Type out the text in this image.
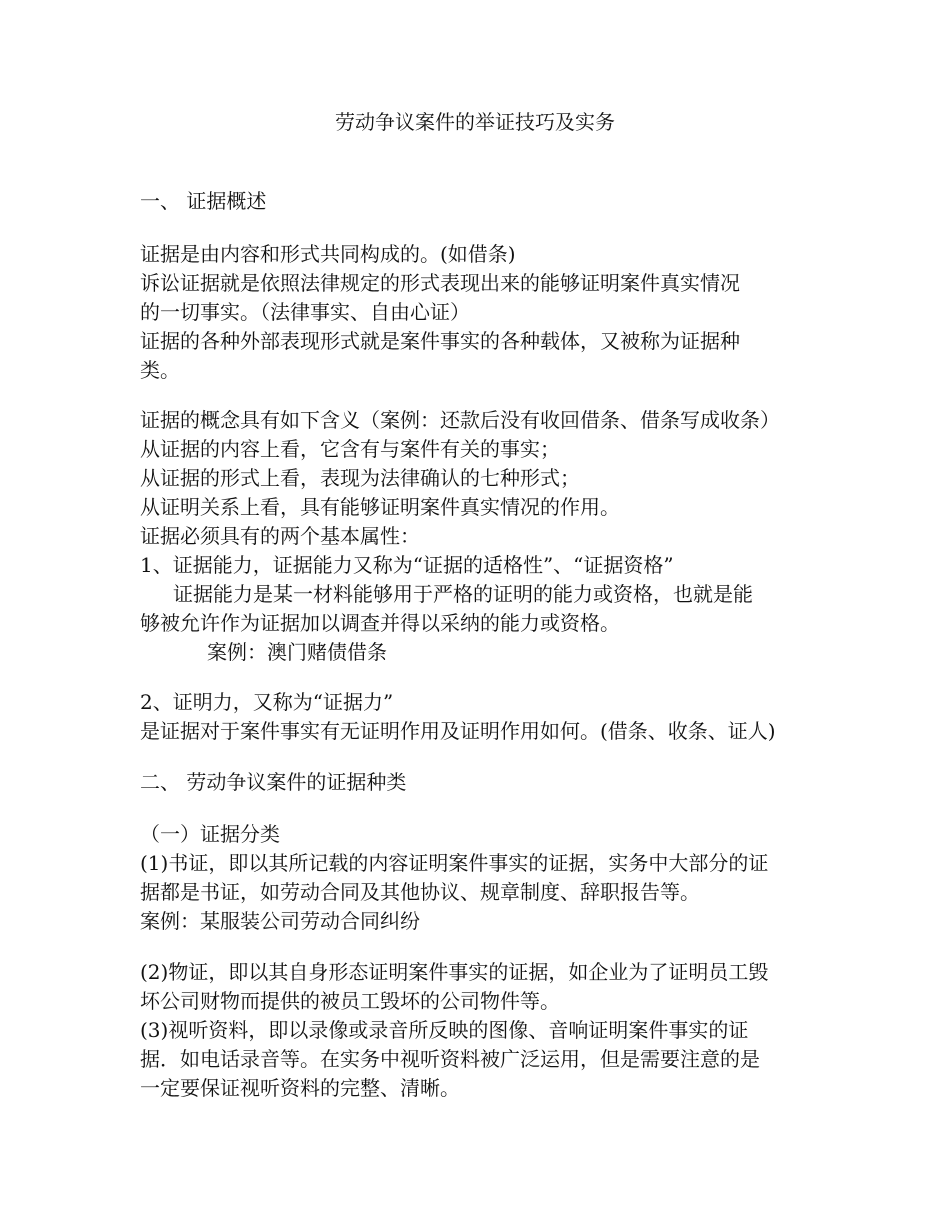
劳动争议案件的举证技巧及实务
一、 证据概述
证据是由内容和形式共同构成的。(如借条)
诉讼证据就是依照法律规定的形式表现出来的能够证明案件真实情况
的一切事实。（法律事实、自由心证）
证据的各种外部表现形式就是案件事实的各种载体，又被称为证据种
类。
证据的概念具有如下含义（案例：还款后没有收回借条、借条写成收条）
从证据的内容上看，它含有与案件有关的事实；
从证据的形式上看，表现为法律确认的七种形式；
从证明关系上看，具有能够证明案件真实情况的作用。
证据必须具有的两个基本属性：
1、证据能力，证据能力又称为“证据的适格性”、“证据资格”
证据能力是某一材料能够用于严格的证明的能力或资格，也就是能
够被允许作为证据加以调查并得以采纳的能力或资格。
案例：澳门赌债借条
2、证明力，又称为“证据力”
是证据对于案件事实有无证明作用及证明作用如何。(借条、收条、证人)
二、 劳动争议案件的证据种类
（一）证据分类
(1)书证，即以其所记载的内容证明案件事实的证据，实务中大部分的证
据都是书证，如劳动合同及其他协议、规章制度、辞职报告等。
案例：某服装公司劳动合同纠纷
(2)物证，即以其自身形态证明案件事实的证据，如企业为了证明员工毁
坏公司财物而提供的被员工毁坏的公司物件等。
(3)视听资料，即以录像或录音所反映的图像、音响证明案件事实的证
据．如电话录音等。在实务中视听资料被广泛运用，但是需要注意的是
一定要保证视听资料的完整、清晰。
